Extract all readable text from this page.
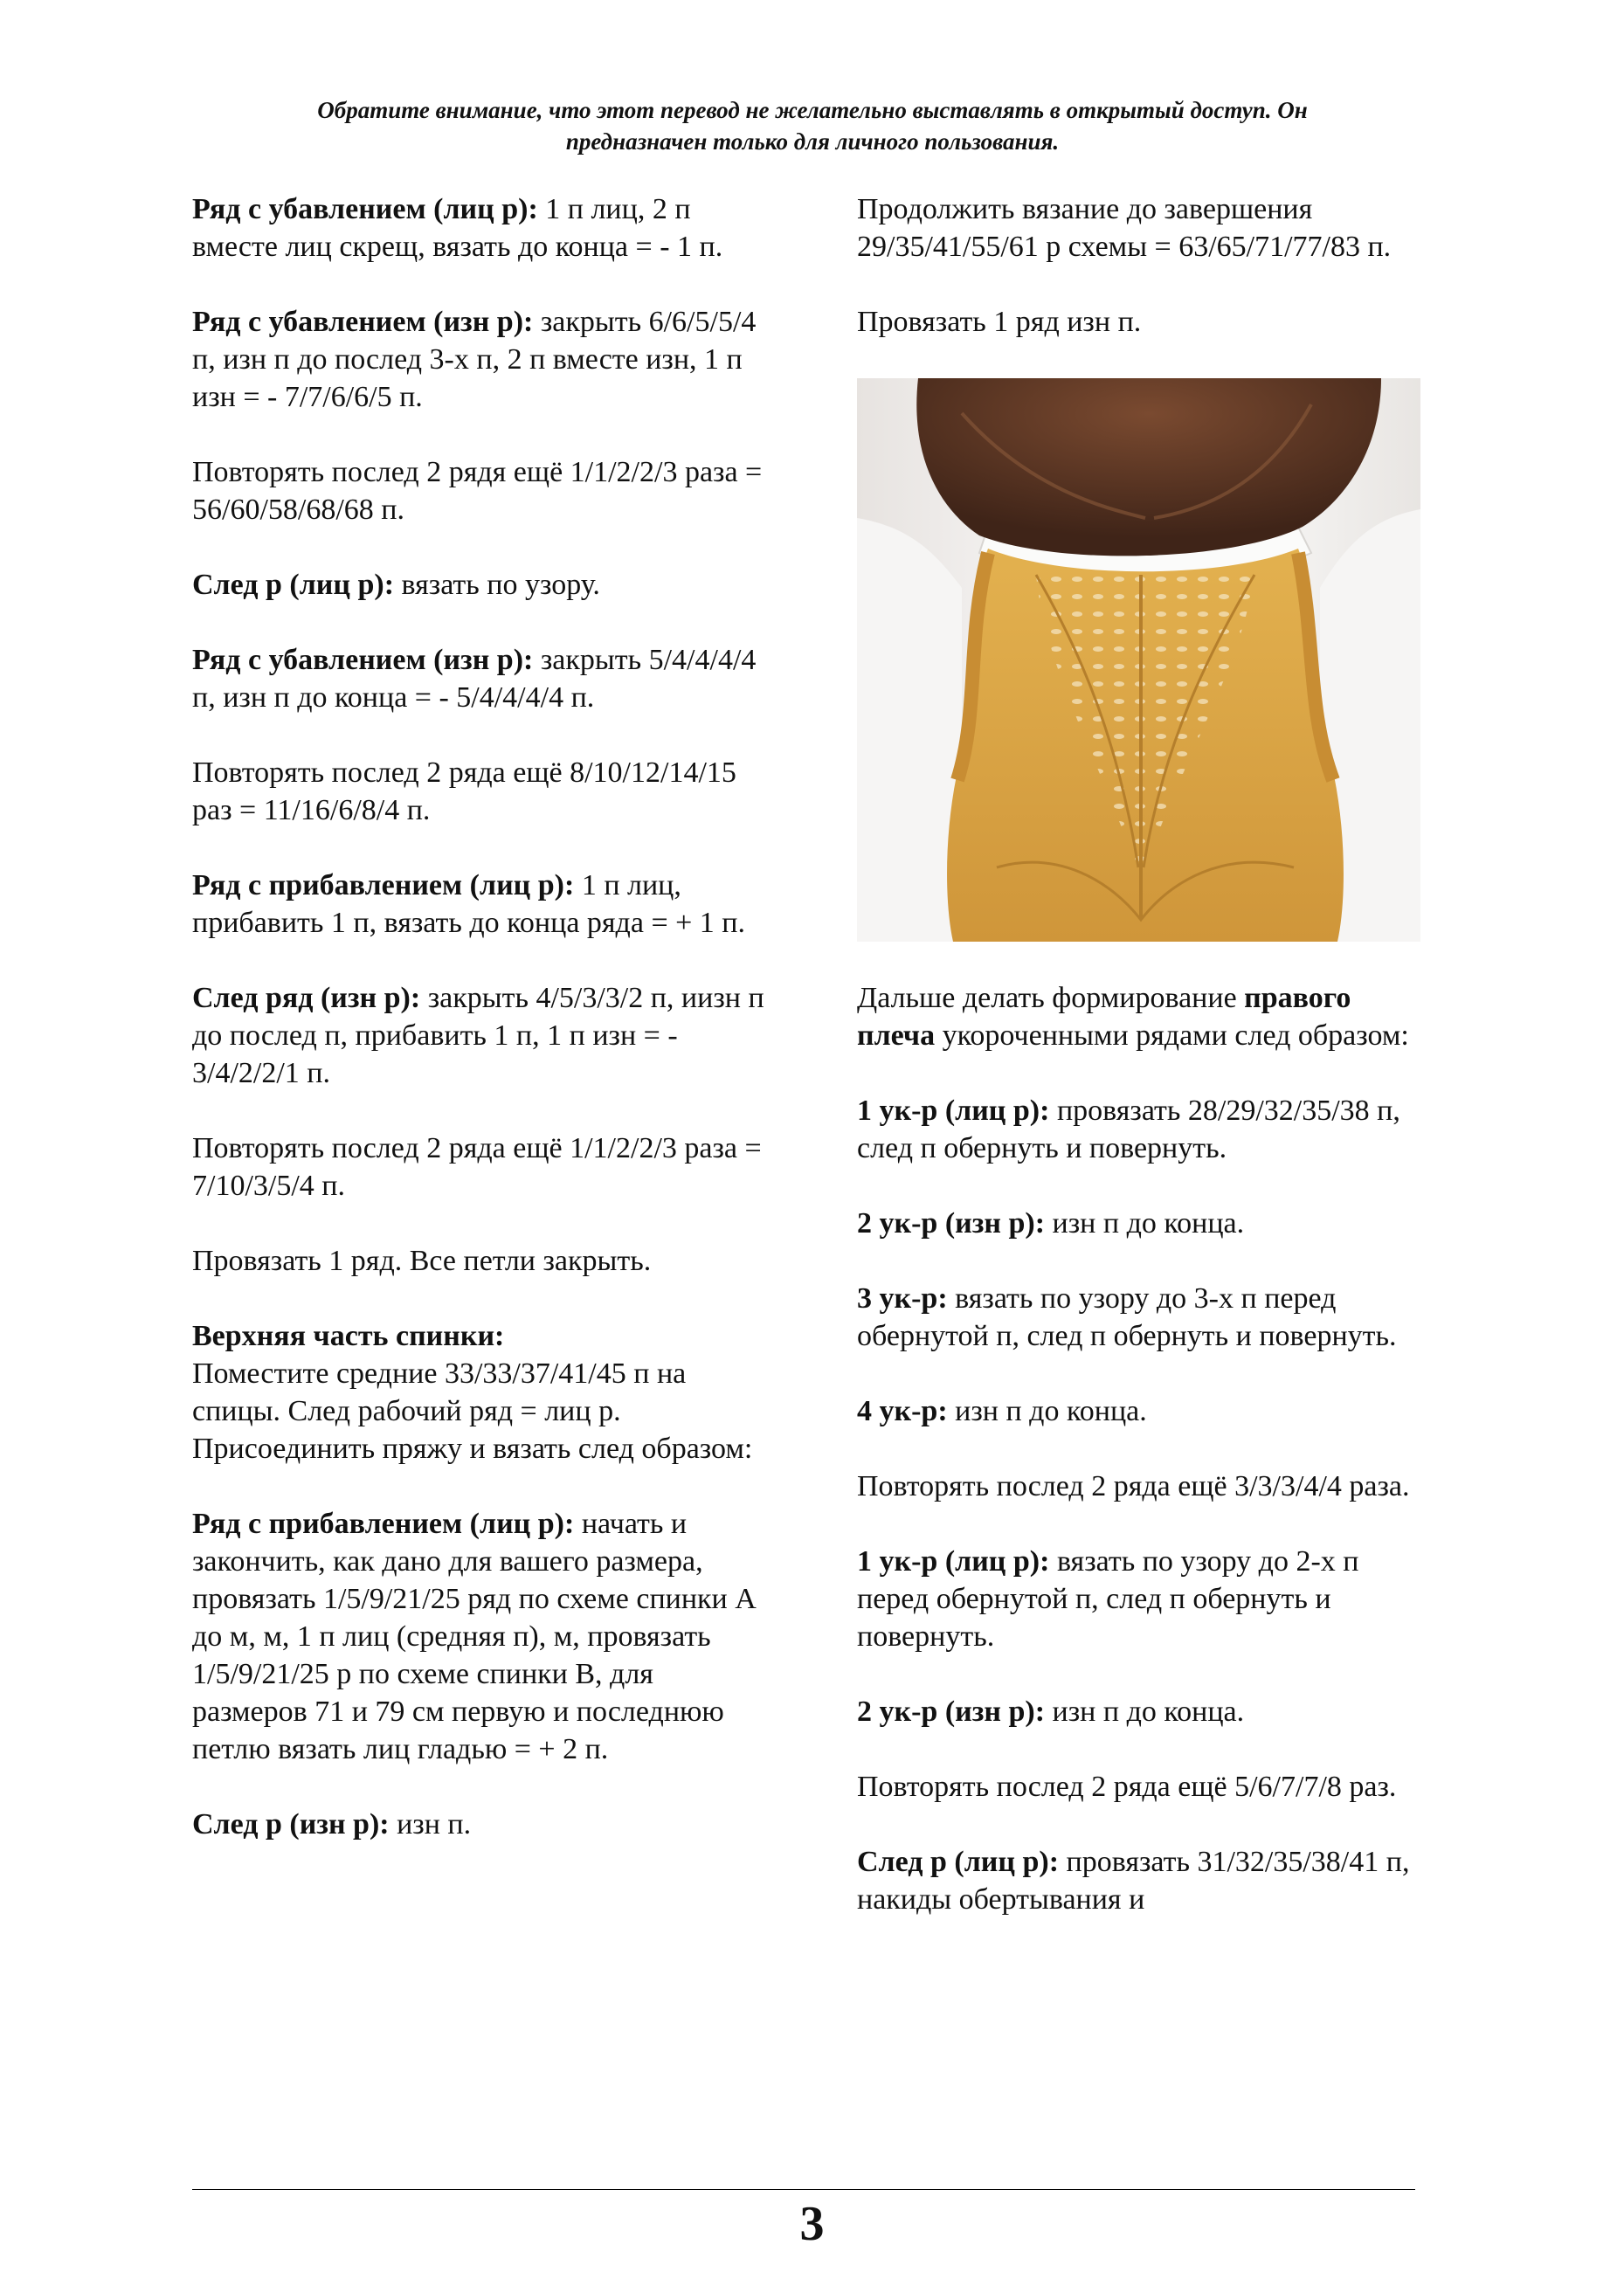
Обратите внимание, что этот перевод не желательно выставлять в открытый доступ. Он
предназначен только для личного пользования.
Ряд с убавлением (лиц р): 1 п лиц, 2 п вместе лиц скрещ, вязать до конца = - 1 п.
Ряд с убавлением (изн р): закрыть 6/6/5/5/4 п, изн п до послед 3-х п, 2 п вместе изн, 1 п изн = - 7/7/6/6/5 п.
Повторять послед 2 рядя ещё 1/1/2/2/3 раза = 56/60/58/68/68 п.
След р (лиц р): вязать по узору.
Ряд с убавлением (изн р): закрыть 5/4/4/4/4 п, изн п до конца = - 5/4/4/4/4 п.
Повторять послед 2 ряда ещё 8/10/12/14/15 раз = 11/16/6/8/4 п.
Ряд с прибавлением (лиц р): 1 п лиц, прибавить 1 п, вязать до конца ряда = + 1 п.
След ряд (изн р): закрыть 4/5/3/3/2 п, иизн п до послед п, прибавить 1 п, 1 п изн = - 3/4/2/2/1 п.
Повторять послед 2 ряда ещё 1/1/2/2/3 раза = 7/10/3/5/4 п.
Провязать 1 ряд. Все петли закрыть.
Верхняя часть спинки:
Поместите средние 33/33/37/41/45 п на спицы. След рабочий ряд = лиц р. Присоединить пряжу и вязать след образом:
Ряд с прибавлением (лиц р): начать и закончить, как дано для вашего размера, провязать 1/5/9/21/25 ряд по схеме спинки А до м, м, 1 п лиц (средняя п), м, провязать 1/5/9/21/25 р по схеме спинки В, для размеров 71 и 79 см первую и последнюю петлю вязать лиц гладью = + 2 п.
След р (изн р): изн п.
Продолжить вязание до завершения 29/35/41/55/61 р схемы = 63/65/71/77/83 п.
Провязать 1 ряд изн п.
Дальше делать формирование правого плеча укороченными рядами след образом:
1 ук-р (лиц р): провязать 28/29/32/35/38 п, след п обернуть и повернуть.
2 ук-р (изн р): изн п до конца.
3 ук-р: вязать по узору до 3-х п перед обернутой п, след п обернуть и повернуть.
4 ук-р: изн п до конца.
Повторять послед 2 ряда ещё 3/3/3/4/4 раза.
1 ук-р (лиц р): вязать по узору до 2-х п перед обернутой п, след п обернуть и повернуть.
2 ук-р (изн р): изн п до конца.
Повторять послед 2 ряда ещё 5/6/7/7/8 раз.
След р (лиц р): провязать 31/32/35/38/41 п, накиды обертывания и
3
